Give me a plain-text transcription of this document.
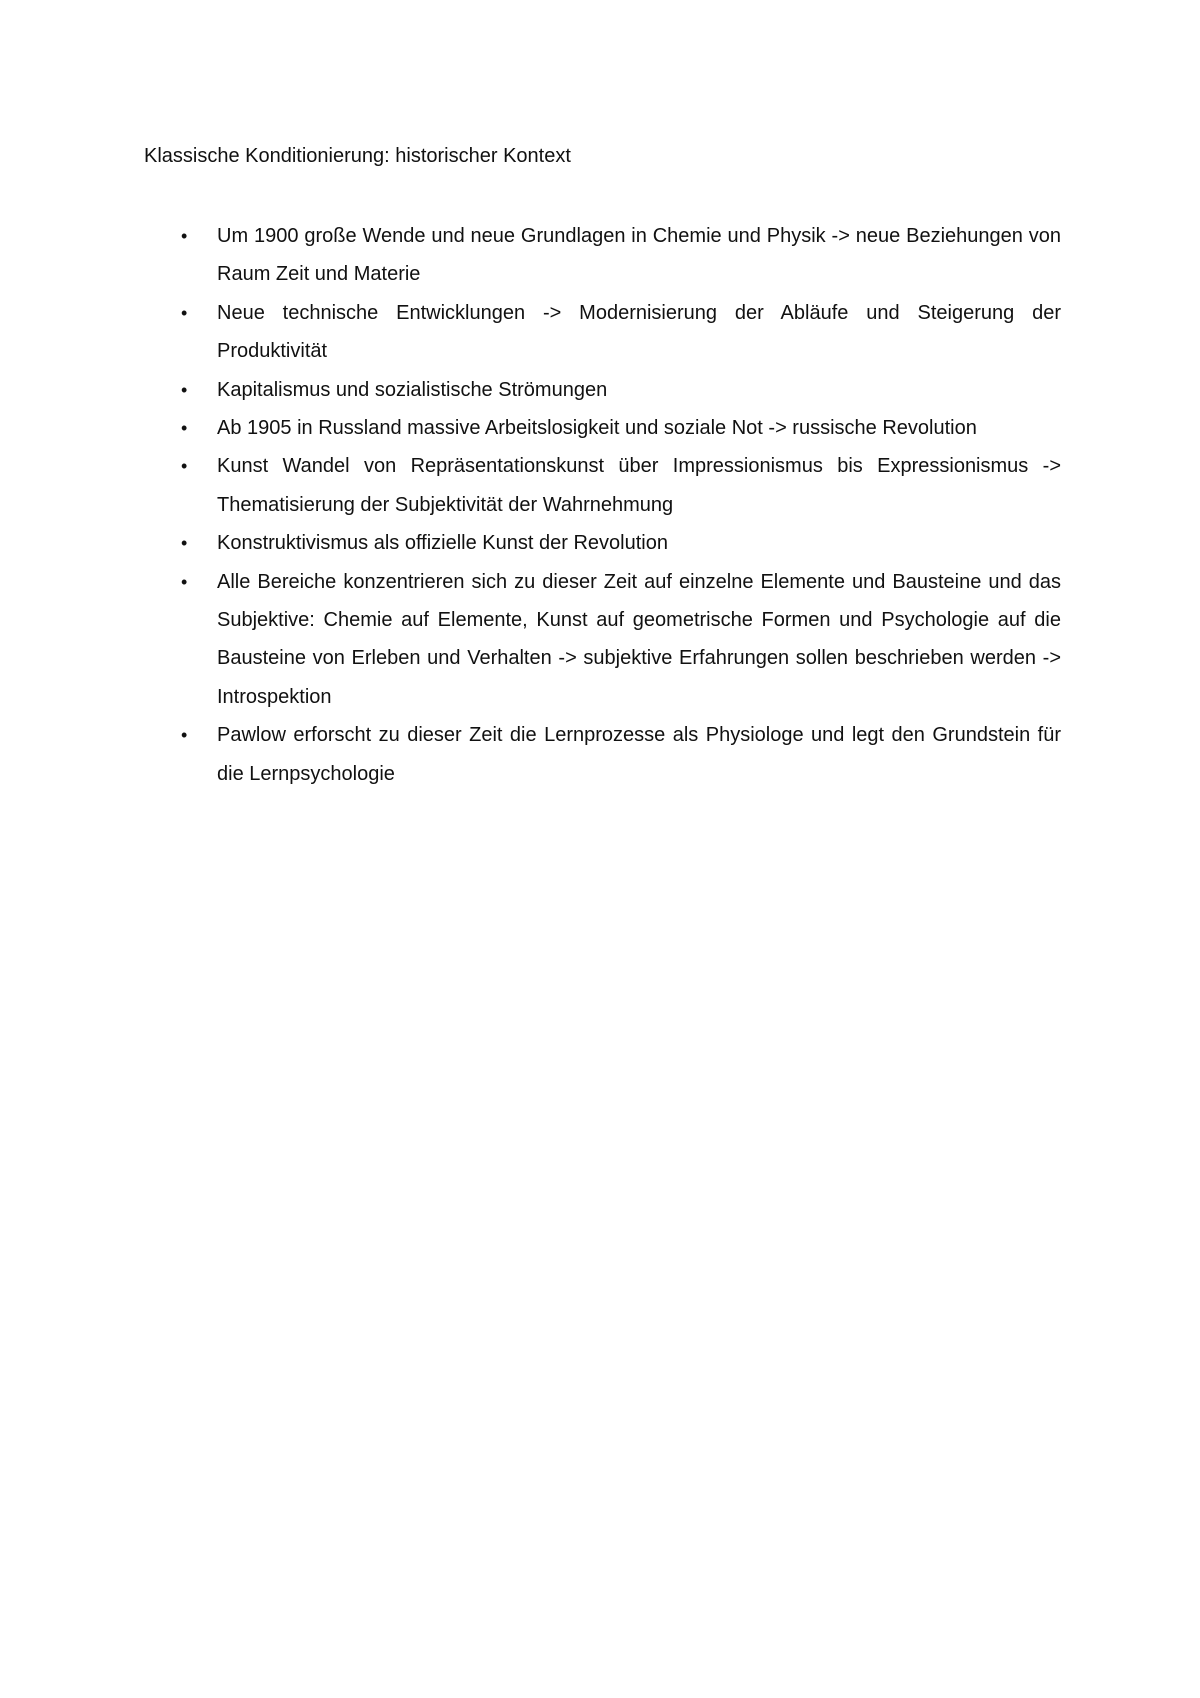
Klassische Konditionierung: historischer Kontext
•	Um 1900 große Wende und neue Grundlagen in Chemie und Physik -> neue Beziehungen von Raum Zeit und Materie
•	Neue technische Entwicklungen -> Modernisierung der Abläufe und Steigerung der Produktivität
•	Kapitalismus und sozialistische Strömungen
•	Ab 1905 in Russland massive Arbeitslosigkeit und soziale Not -> russische Revolution
•	Kunst Wandel von Repräsentationskunst über Impressionismus bis Expressionismus -> Thematisierung der Subjektivität der Wahrnehmung
•	Konstruktivismus als offizielle Kunst der Revolution
•	Alle Bereiche konzentrieren sich zu dieser Zeit auf einzelne Elemente und Bausteine und das Subjektive: Chemie auf Elemente, Kunst auf geometrische Formen und Psychologie auf die Bausteine von Erleben und Verhalten -> subjektive Erfahrungen sollen beschrieben werden -> Introspektion
•	Pawlow erforscht zu dieser Zeit die Lernprozesse als Physiologe und legt den Grundstein für die Lernpsychologie
